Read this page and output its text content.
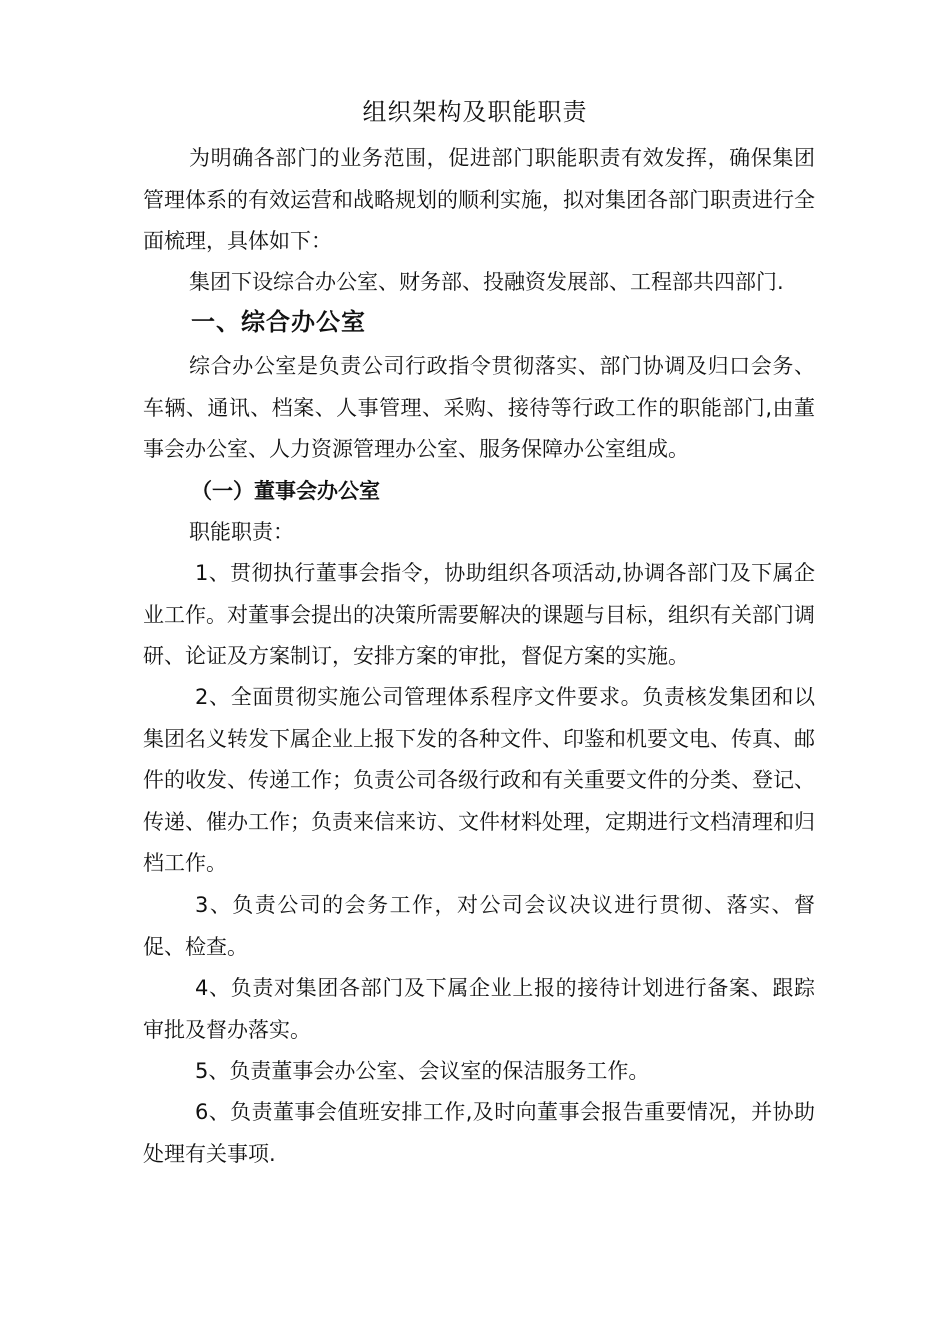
组织架构及职能职责

为明确各部门的业务范围，促进部门职能职责有效发挥，确保集团管理体系的有效运营和战略规划的顺利实施，拟对集团各部门职责进行全面梳理，具体如下：

集团下设综合办公室、财务部、投融资发展部、工程部共四部门.

一、综合办公室

综合办公室是负责公司行政指令贯彻落实、部门协调及归口会务、车辆、通讯、档案、人事管理、采购、接待等行政工作的职能部门,由董事会办公室、人力资源管理办公室、服务保障办公室组成。

（一）董事会办公室

职能职责：

1、贯彻执行董事会指令，协助组织各项活动,协调各部门及下属企业工作。对董事会提出的决策所需要解决的课题与目标，组织有关部门调研、论证及方案制订，安排方案的审批，督促方案的实施。

2、全面贯彻实施公司管理体系程序文件要求。负责核发集团和以集团名义转发下属企业上报下发的各种文件、印鉴和机要文电、传真、邮件的收发、传递工作；负责公司各级行政和有关重要文件的分类、登记、传递、催办工作；负责来信来访、文件材料处理，定期进行文档清理和归档工作。

3、负责公司的会务工作，对公司会议决议进行贯彻、落实、督促、检查。

4、负责对集团各部门及下属企业上报的接待计划进行备案、跟踪审批及督办落实。

5、负责董事会办公室、会议室的保洁服务工作。

6、负责董事会值班安排工作,及时向董事会报告重要情况，并协助处理有关事项.
